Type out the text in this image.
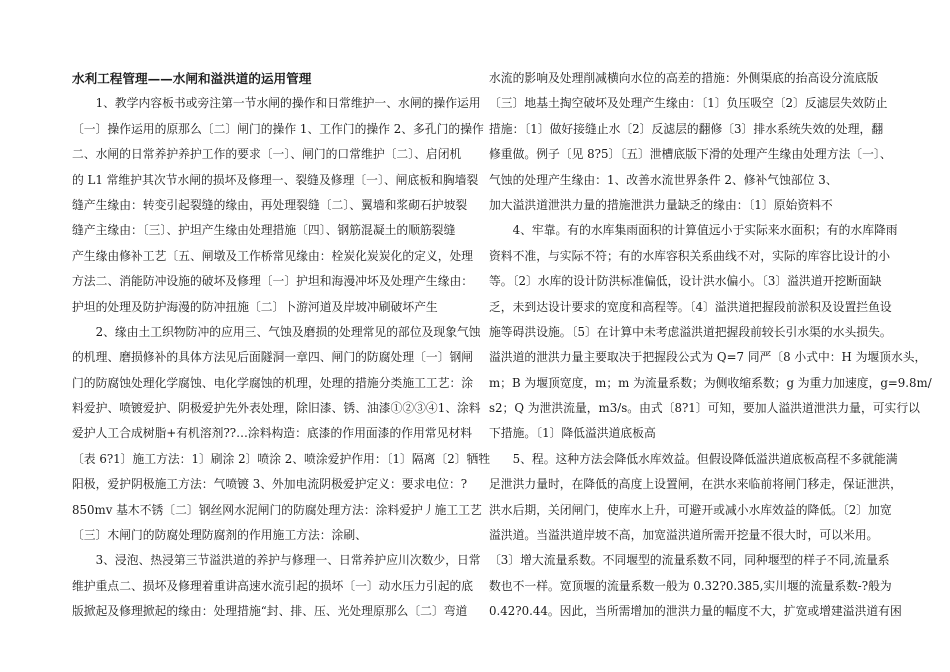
水利工程管理——水闸和溢洪道的运用管理
　　1、教学内容板书或旁注第一节水闸的操作和日常维护一、水闸的操作运用
〔一〕操作运用的原那么〔二〕闸门的操作 1、工作门的操作 2、多孔门的操作
二、水闸的日常养护养护工作的要求〔一〕、闸门的口常维护〔二〕、启闭机
的 L1 常维护其次节水闸的损坏及修理一、裂缝及修理〔一〕、闸底板和胸墙裂
缝产生缘由：转变引起裂缝的缘由，再处理裂缝〔二〕、翼墙和浆砌石护坡裂
缝产主缘由：〔三〕、护坦产生缘由处理措施〔四〕、钢筋混凝土的顺筋裂缝
产生缘由修补工艺〔五、闸墩及工作桥常见缘由：栓炭化炭炭化的定义，处理
方法二、消能防冲设施的破坏及修理〔一〕护坦和海漫冲坏及处理产生缘由：
护坦的处理及防护海漫的防冲扭施〔二〕卜游河道及岸坡冲刷破坏产生
　　2、缘由土工织物防冲的应用三、气蚀及磨损的处理常见的部位及现象气蚀
的机理、磨损修补的具体方法见后面隧洞一章四、闸门的防腐处理〔一〕钢闸
门的防腐蚀处理化学腐蚀、电化学腐蚀的机理，处理的措施分类施工工艺：涂
料爱护、喷镀爱护、阴极爱护先外表处理，除旧漆、锈、油漆①②③④1、涂料
爱护人工合成树脂+有机溶剂??…涂料构造：底漆的作用面漆的作用常见材料
〔表 6?1〕施工方法：1〕刷涂 2〕喷涂 2、喷涂爱护作用：〔1〕隔离〔2〕牺牲
阳极，爱护阴极施工方法：气喷镀 3、外加电流阴极爱护定义：要求电位：?
850mv 基木不锈〔二〕钢丝网水泥闸门的防腐处理方法：涂料爱护丿施工工艺
〔三〕木闸门的防腐处理防腐剂的作用施工方法：涂刷、
　　3、浸泡、热浸第三节溢洪道的养护与修理一、日常养护应川次数少，日常
维护重点二、损坏及修理着重讲高速水流引起的损坏〔一〕动水压力引起的底
版掀起及修理掀起的缘由：处理措施“封、排、压、光处理原那么〔二〕弯道
水流的影响及处理削减横向水位的高差的措施：外侧渠底的抬高设分流底版
〔三〕地基土掏空破坏及处理产生缘由：〔1〕负压吸空〔2〕反滤层失效防止
措施：〔1〕做好接缝止水〔2〕反滤层的翻修〔3〕排水系统失效的处理，翻
修重做。例子〔见 8?5〕〔五〕泄槽底版下滑的处理产生缘由处理方法〔一〕、
气蚀的处理产生缘由：1、改善水流世界条件 2、修补气蚀部位 3、
加大溢洪道泄洪力量的措施泄洪力量缺乏的缘由：〔1〕原始资料不
　　4、牢靠。有的水库集雨面积的计算值远小于实际来水面积；有的水库降雨
资料不准，与实际不符；有的水库容积关系曲线不对，实际的库容比设计的小
等。〔2〕水库的设计防洪标准偏低，设计洪水偏小。〔3〕溢洪道开挖断面缺
乏，未到达设计要求的宽度和高程等。〔4〕溢洪道把握段前淤积及设置拦鱼设
施等碍洪设施。〔5〕在计算中未考虑溢洪道把握段前较长引水渠的水头损失。
溢洪道的泄洪力量主要取决于把握段公式为 Q=7 同严〔8 小式中：H 为堰顶水头，
m；B 为堰顶宽度，m；m 为流量系数；为侧收缩系数；g 为重力加速度，g=9.8m/
s2；Q 为泄洪流量，m3/s。由式〔8?1〕可知，要加人溢洪道泄洪力量，可实行以
下措施。〔1〕降低溢洪道底板高
　　5、程。这种方法会降低水库效益。但假设降低溢洪道底板高程不多就能满
足泄洪力量时，在降低的高度上设置闸，在洪水来临前将闸门移走，保证泄洪，
洪水后期，关闭闸门，使库水上升，可避开或减小水库效益的降低。〔2〕加宽
溢洪道。当溢洪道岸坡不高，加宽溢洪道所需开挖量不很大时，可以米用。
〔3〕增大流量系数。不同堰型的流量系数不同，同种堰型的样子不同,流量系
数也不一样。宽顶堰的流量系数一般为 0.32?0.385,实川堰的流量系数-?般为
0.42?0.44。因此，当所需增加的泄洪力量的幅度不大，扩宽或增建溢洪道有困
